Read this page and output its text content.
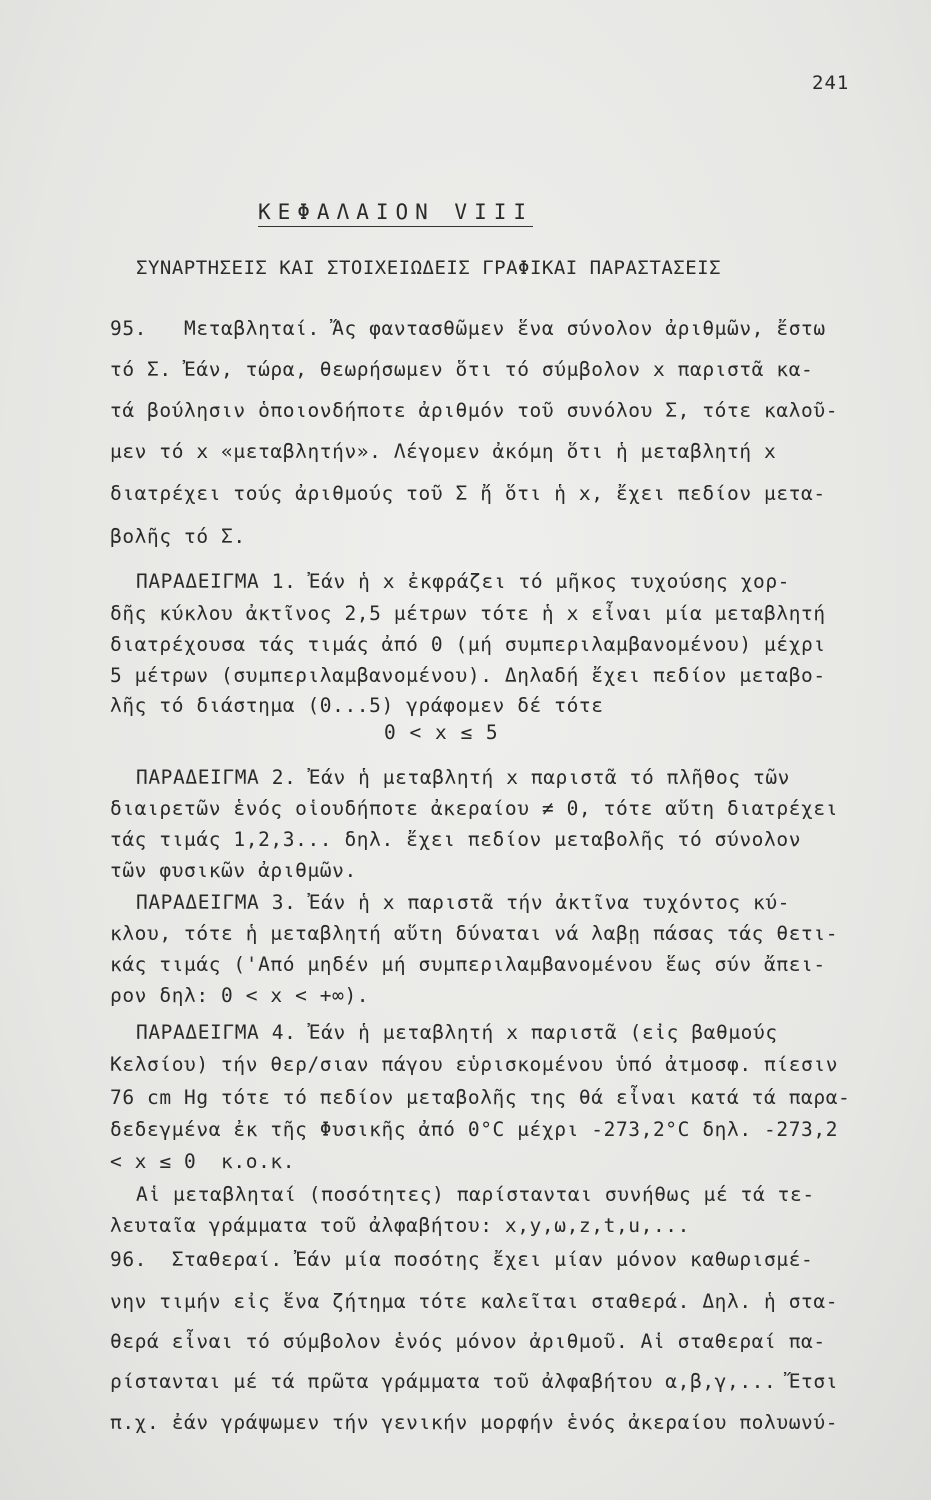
241
ΚΕΦΑΛΑΙΟΝ VIII
ΣΥΝΑΡΤΗΣΕΙΣ ΚΑΙ ΣΤΟΙΧΕΙΩΔΕΙΣ ΓΡΑΦΙΚΑΙ ΠΑΡΑΣΤΑΣΕΙΣ
95.   Μεταβληταί. Ἄς φαντασθῶμεν ἕνα σύνολον ἀριθμῶν, ἔστω
τό Σ. Ἐάν, τώρα, θεωρήσωμεν ὅτι τό σύμβολον x παριστᾶ κα-
τά βούλησιν ὁποιονδήποτε ἀριθμόν τοῦ συνόλου Σ, τότε καλοῦ-
μεν τό x «μεταβλητήν». Λέγομεν ἀκόμη ὅτι ἡ μεταβλητή x
διατρέχει τούς ἀριθμούς τοῦ Σ ἤ ὅτι ἡ x, ἔχει πεδίον μετα-
βολῆς τό Σ.
ΠΑΡΑΔΕΙΓΜΑ 1. Ἐάν ἡ x ἐκφράζει τό μῆκος τυχούσης χορ-
δῆς κύκλου ἀκτῖνος 2,5 μέτρων τότε ἡ x εἶναι μία μεταβλητή
διατρέχουσα τάς τιμάς ἀπό 0 (μή συμπεριλαμβανομένου) μέχρι
5 μέτρων (συμπεριλαμβανομένου). Δηλαδή ἔχει πεδίον μεταβο-
λῆς τό διάστημα (0...5) γράφομεν δέ τότε
0 < x ≤ 5
ΠΑΡΑΔΕΙΓΜΑ 2. Ἐάν ἡ μεταβλητή x παριστᾶ τό πλῆθος τῶν
διαιρετῶν ἑνός οἱουδήποτε ἀκεραίου ≠ 0, τότε αὕτη διατρέχει
τάς τιμάς 1,2,3... δηλ. ἔχει πεδίον μεταβολῆς τό σύνολον
τῶν φυσικῶν ἀριθμῶν.
ΠΑΡΑΔΕΙΓΜΑ 3. Ἐάν ἡ x παριστᾶ τήν ἀκτῖνα τυχόντος κύ-
κλου, τότε ἡ μεταβλητή αὕτη δύναται νά λαβῃ πάσας τάς θετι-
κάς τιμάς ('Από μηδέν μή συμπεριλαμβανομένου ἕως σύν ἄπει-
ρον δηλ: 0 < x < +∞).
ΠΑΡΑΔΕΙΓΜΑ 4. Ἐάν ἡ μεταβλητή x παριστᾶ (εἰς βαθμούς
Κελσίου) τήν θερ/σιαν πάγου εὑρισκομένου ὑπό ἀτμοσφ. πίεσιν
76 cm Hg τότε τό πεδίον μεταβολῆς της θά εἶναι κατά τά παρα-
δεδεγμένα ἐκ τῆς Φυσικῆς ἀπό 0°C μέχρι -273,2°C δηλ. -273,2
< x ≤ 0  κ.ο.κ.
Αἱ μεταβληταί (ποσότητες) παρίστανται συνήθως μέ τά τε-
λευταῖα γράμματα τοῦ ἀλφαβήτου: x,y,ω,z,t,u,...
96.  Σταθεραί. Ἐάν μία ποσότης ἔχει μίαν μόνον καθωρισμέ-
νην τιμήν εἰς ἕνα ζήτημα τότε καλεῖται σταθερά. Δηλ. ἡ στα-
θερά εἶναι τό σύμβολον ἑνός μόνον ἀριθμοῦ. Αἱ σταθεραί πα-
ρίστανται μέ τά πρῶτα γράμματα τοῦ ἀλφαβήτου α,β,γ,... Ἔτσι
π.χ. ἐάν γράψωμεν τήν γενικήν μορφήν ἑνός ἀκεραίου πολυωνύ-
